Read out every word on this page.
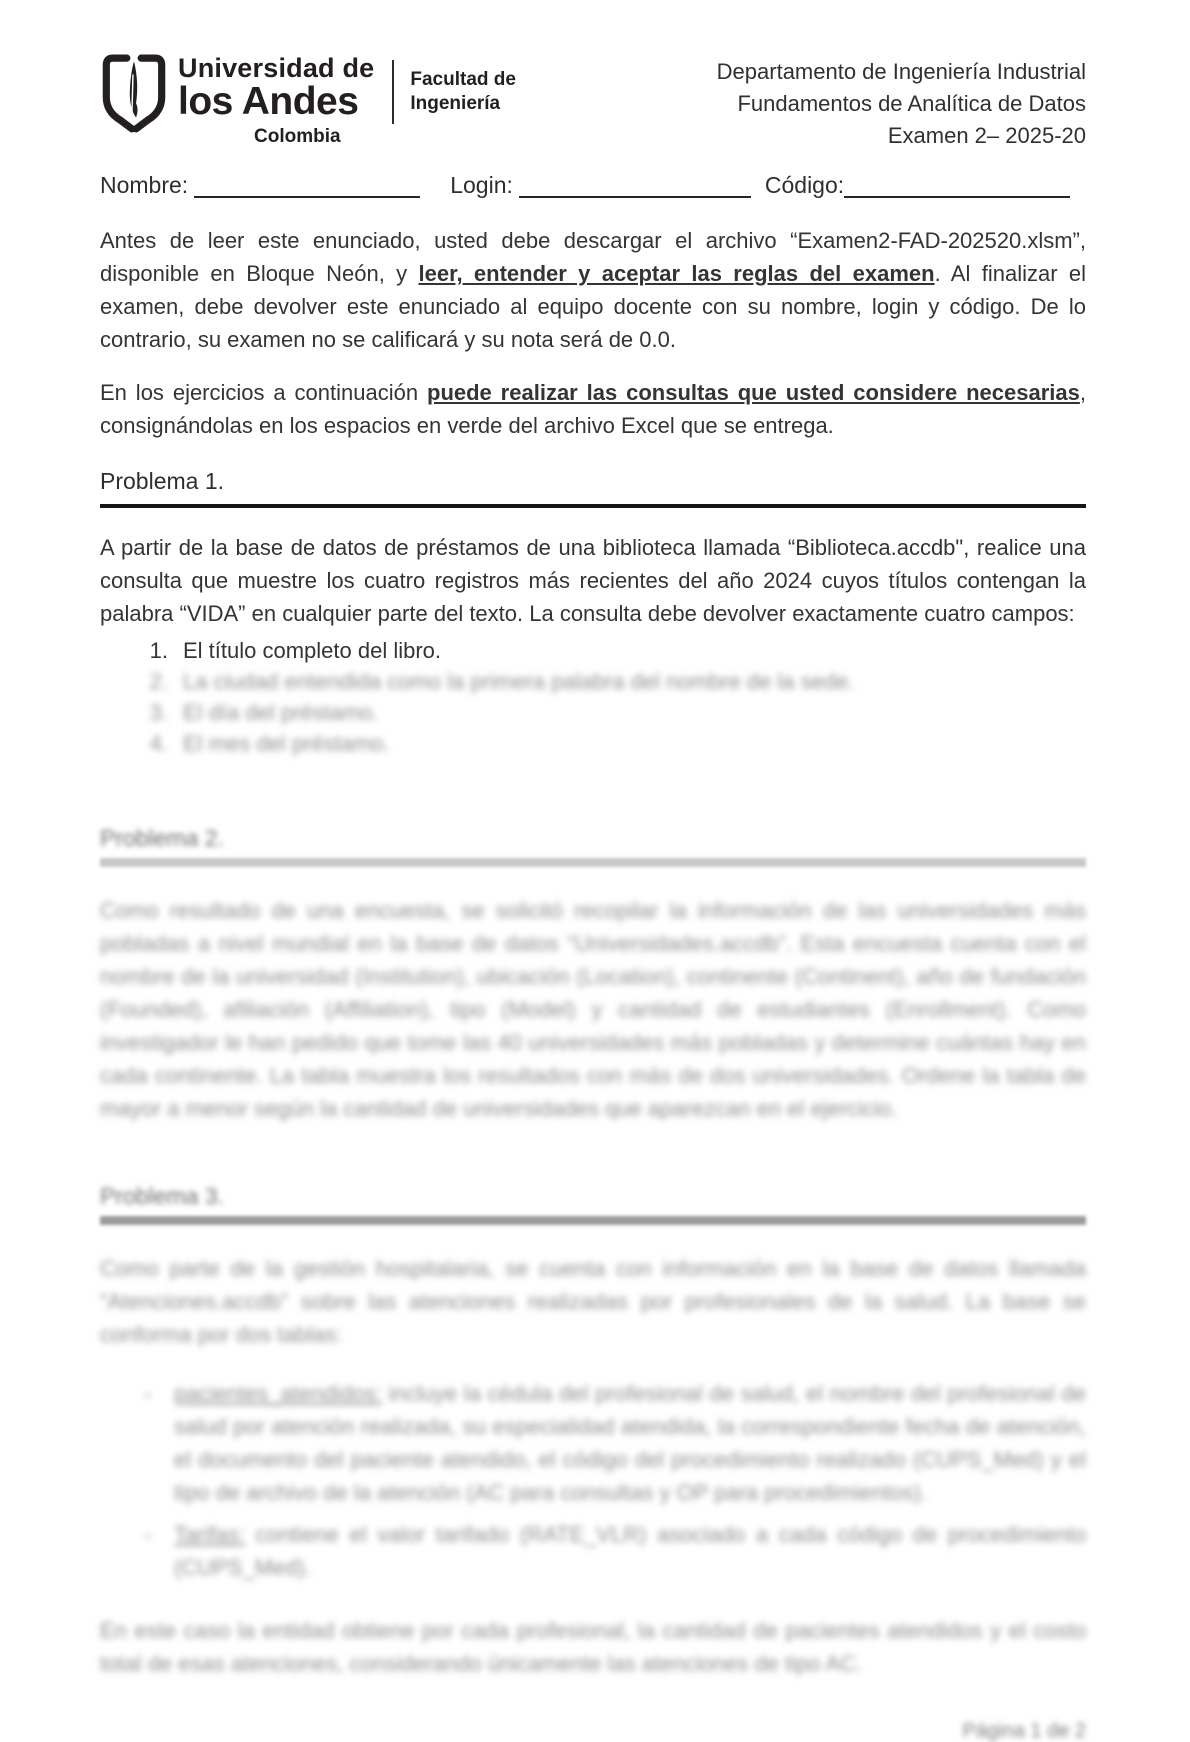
Universidad de
los Andes
Colombia
Facultad de
Ingeniería
Departamento de Ingeniería Industrial
Fundamentos de Analítica de Datos
Examen 2– 2025-20
Nombre:	Login:	Código:

Antes de leer este enunciado, usted debe descargar el archivo “Examen2-FAD-202520.xlsm”, disponible en Bloque Neón, y leer, entender y aceptar las reglas del examen. Al finalizar el examen, debe devolver este enunciado al equipo docente con su nombre, login y código. De lo contrario, su examen no se calificará y su nota será de 0.0.

En los ejercicios a continuación puede realizar las consultas que usted considere necesarias, consignándolas en los espacios en verde del archivo Excel que se entrega.

Problema 1.

A partir de la base de datos de préstamos de una biblioteca llamada “Biblioteca.accdb", realice una consulta que muestre los cuatro registros más recientes del año 2024 cuyos títulos contengan la palabra “VIDA” en cualquier parte del texto. La consulta debe devolver exactamente cuatro campos:

1. El título completo del libro.
2. La ciudad entendida como la primera palabra del nombre de la sede.
3. El día del préstamo.
4. El mes del préstamo.
Problema 2.

Como resultado de una encuesta, se solicitó recopilar la información de las universidades más pobladas a nivel mundial en la base de datos “Universidades.accdb”. Esta encuesta cuenta con el nombre de la universidad (Institution), ubicación (Location), continente (Continent), año de fundación (Founded), afiliación (Affiliation), tipo (Model) y cantidad de estudiantes (Enrollment). Como investigador le han pedido que tome las 40 universidades más pobladas y determine cuántas hay en cada continente. La tabla muestra los resultados con más de dos universidades. Ordene la tabla de mayor a menor según la cantidad de universidades que aparezcan en el ejercicio.

Problema 3.

Como parte de la gestión hospitalaria, se cuenta con información en la base de datos llamada “Atenciones.accdb” sobre las atenciones realizadas por profesionales de la salud. La base se conforma por dos tablas:

-	pacientes_atendidos: incluye la cédula del profesional de salud, el nombre del profesional de salud por atención realizada, su especialidad atendida, la correspondiente fecha de atención, el documento del paciente atendido, el código del procedimiento realizado (CUPS_Med) y el tipo de archivo de la atención (AC para consultas y OP para procedimientos).
-	Tarifas: contiene el valor tarifado (RATE_VLR) asociado a cada código de procedimiento (CUPS_Med).

En este caso la entidad obtiene por cada profesional, la cantidad de pacientes atendidos y el costo total de esas atenciones, considerando únicamente las atenciones de tipo AC.

Página 1 de 2
